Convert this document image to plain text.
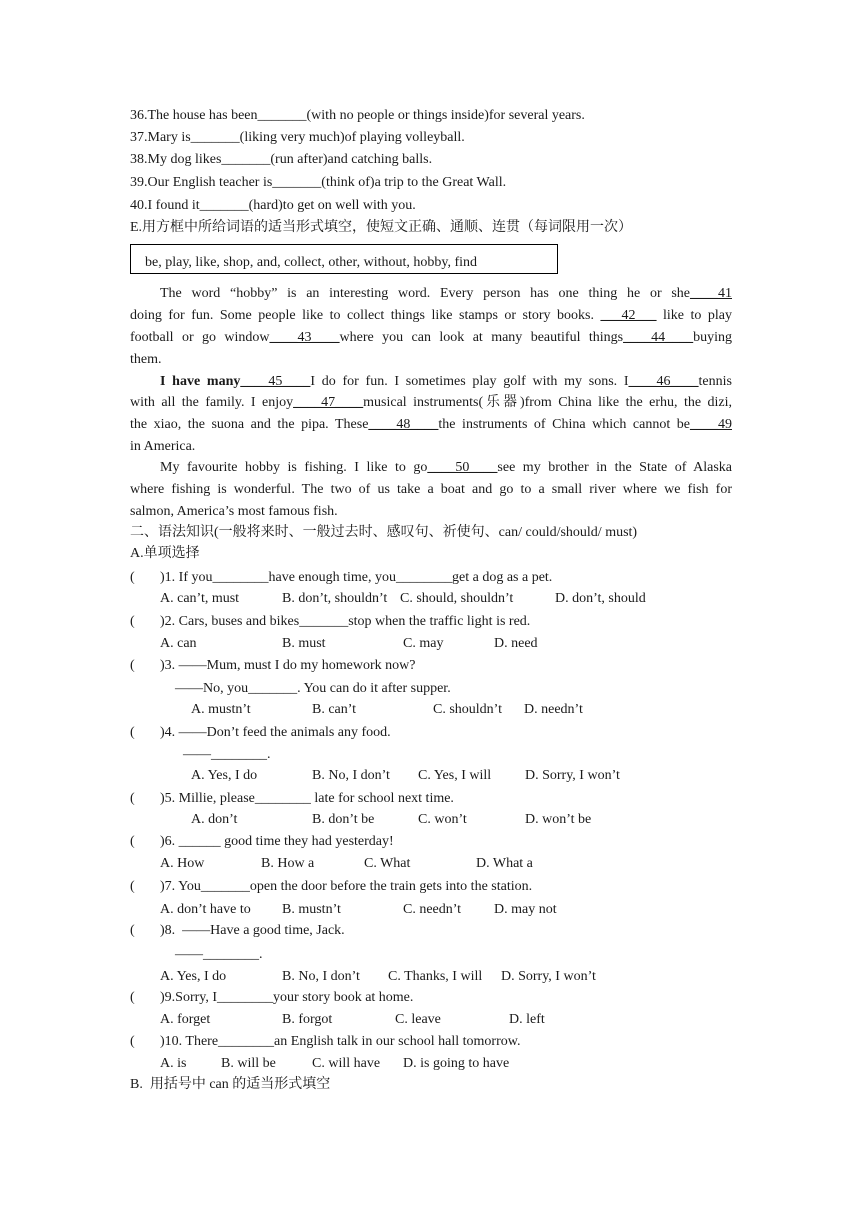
36.The house has been_______(with no people or things inside)for several years.
37.Mary is_______(liking very much)of playing volleyball.
38.My dog likes_______(run after)and catching balls.
39.Our English teacher is_______(think of)a trip to the Great Wall.
40.I found it_______(hard)to get on well with you.
E.用方框中所给词语的适当形式填空，使短文正确、通顺、连贯（每词限用一次）
be, play, like, shop, and, collect, other, without, hobby, find
The word “hobby” is an interesting word. Every person has one thing he or she____41
doing for fun. Some people like to collect things like stamps or story books. ___42___ like to play
football or go window____43____where you can look at many beautiful things____44____buying
them.
I have many____45____I do for fun. I sometimes play golf with my sons. I____46____tennis
with all the family. I enjoy____47____musical instruments(乐器)from China like the erhu, the dizi,
the xiao, the suona and the pipa. These____48____the instruments of China which cannot be____49
in America.
My favourite hobby is fishing. I like to go____50____see my brother in the State of Alaska
where fishing is wonderful. The two of us take a boat and go to a small river where we fish for
salmon, America’s most famous fish.
二、语法知识(一般将来时、一般过去时、感叹句、祈使句、can/ could/should/ must)
A.单项选择
( )1. If you________have enough time, you________get a dog as a pet.
A. can’t, must	B. don’t, shouldn’t C. should, shouldn’t	D. don’t, should
( )2. Cars, buses and bikes_______stop when the traffic light is red.
A. can	B. must	C. may	D. need
( )3. ——Mum, must I do my homework now?
——No, you_______. You can do it after supper.
A. mustn’t	B. can’t	C. shouldn’t D. needn’t
( )4. ——Don’t feed the animals any food.
——________.
A. Yes, I do	B. No, I don’t C. Yes, I will D. Sorry, I won’t
( )5. Millie, please________ late for school next time.
A. don’t	B. don’t be	C. won’t	D. won’t be
( )6. ______ good time they had yesterday!
A. How	B. How a	C. What	D. What a
( )7. You_______open the door before the train gets into the station.
A. don’t have to B. mustn’t	C. needn’t D. may not
( )8.  ——Have a good time, Jack.
——________.
A. Yes, I do	B. No, I don’t C. Thanks, I will D. Sorry, I won’t
( )9.Sorry, I________your story book at home.
A. forget	B. forgot	C. leave	D. left
( )10. There________an English talk in our school hall tomorrow.
A. is B. will be	C. will have D. is going to have
B.  用括号中 can 的适当形式填空
